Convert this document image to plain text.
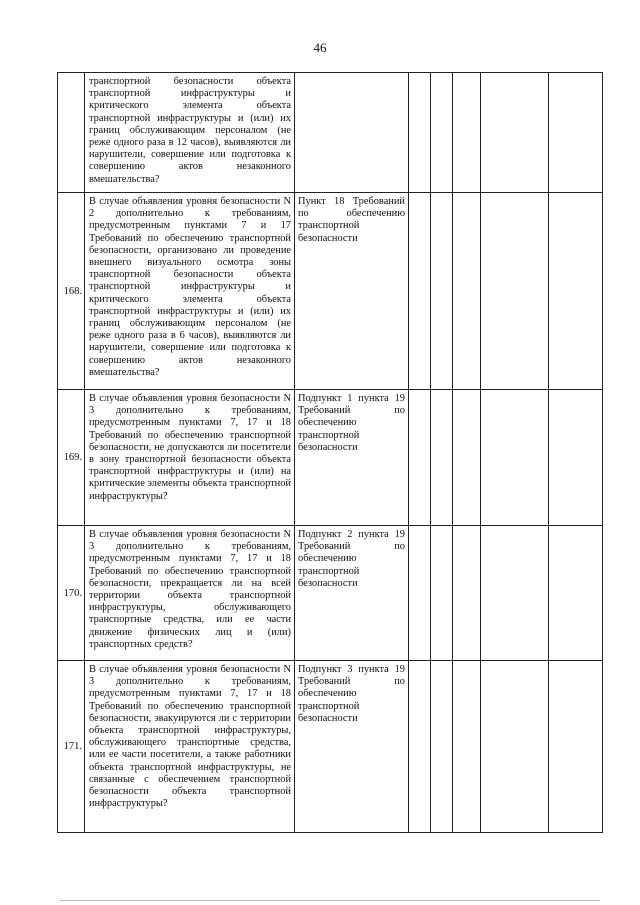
46
	транспортной безопасности объекта транспортной инфраструктуры и критического элемента объекта транспортной инфраструктуры и (или) их границ обслуживающим персоналом (не реже одного раза в 12 часов), выявляются ли нарушители, совершение или подготовка к совершению актов незаконного вмешательства?						
168.	В случае объявления уровня безопасности N 2 дополнительно к требованиям, предусмотренным пунктами 7 и 17 Требований по обеспечению транспортной безопасности, организовано ли проведение внешнего визуального осмотра зоны транспортной безопасности объекта транспортной инфраструктуры и критического элемента объекта транспортной инфраструктуры и (или) их границ обслуживающим персоналом (не реже одного раза в 6 часов), выявляются ли нарушители, совершение или подготовка к совершению актов незаконного вмешательства?	Пункт 18 Требований по обеспечению транспортной безопасности					
169.	В случае объявления уровня безопасности N 3 дополнительно к требованиям, предусмотренным пунктами 7, 17 и 18 Требований по обеспечению транспортной безопасности, не допускаются ли посетители в зону транспортной безопасности объекта транспортной инфраструктуры и (или) на критические элементы объекта транспортной инфраструктуры?	Подпункт 1 пункта 19 Требований по обеспечению транспортной безопасности					
170.	В случае объявления уровня безопасности N 3 дополнительно к требованиям, предусмотренным пунктами 7, 17 и 18 Требований по обеспечению транспортной безопасности, прекращается ли на всей территории объекта транспортной инфраструктуры, обслуживающего транспортные средства, или ее части движение физических лиц и (или) транспортных средств?	Подпункт 2 пункта 19 Требований по обеспечению транспортной безопасности					
171.	В случае объявления уровня безопасности N 3 дополнительно к требованиям, предусмотренным пунктами 7, 17 и 18 Требований по обеспечению транспортной безопасности, эвакуируются ли с территории объекта транспортной инфраструктуры, обслуживающего транспортные средства, или ее части посетители, а также работники объекта транспортной инфраструктуры, не связанные с обеспечением транспортной безопасности объекта транспортной инфраструктуры?	Подпункт 3 пункта 19 Требований по обеспечению транспортной безопасности					
